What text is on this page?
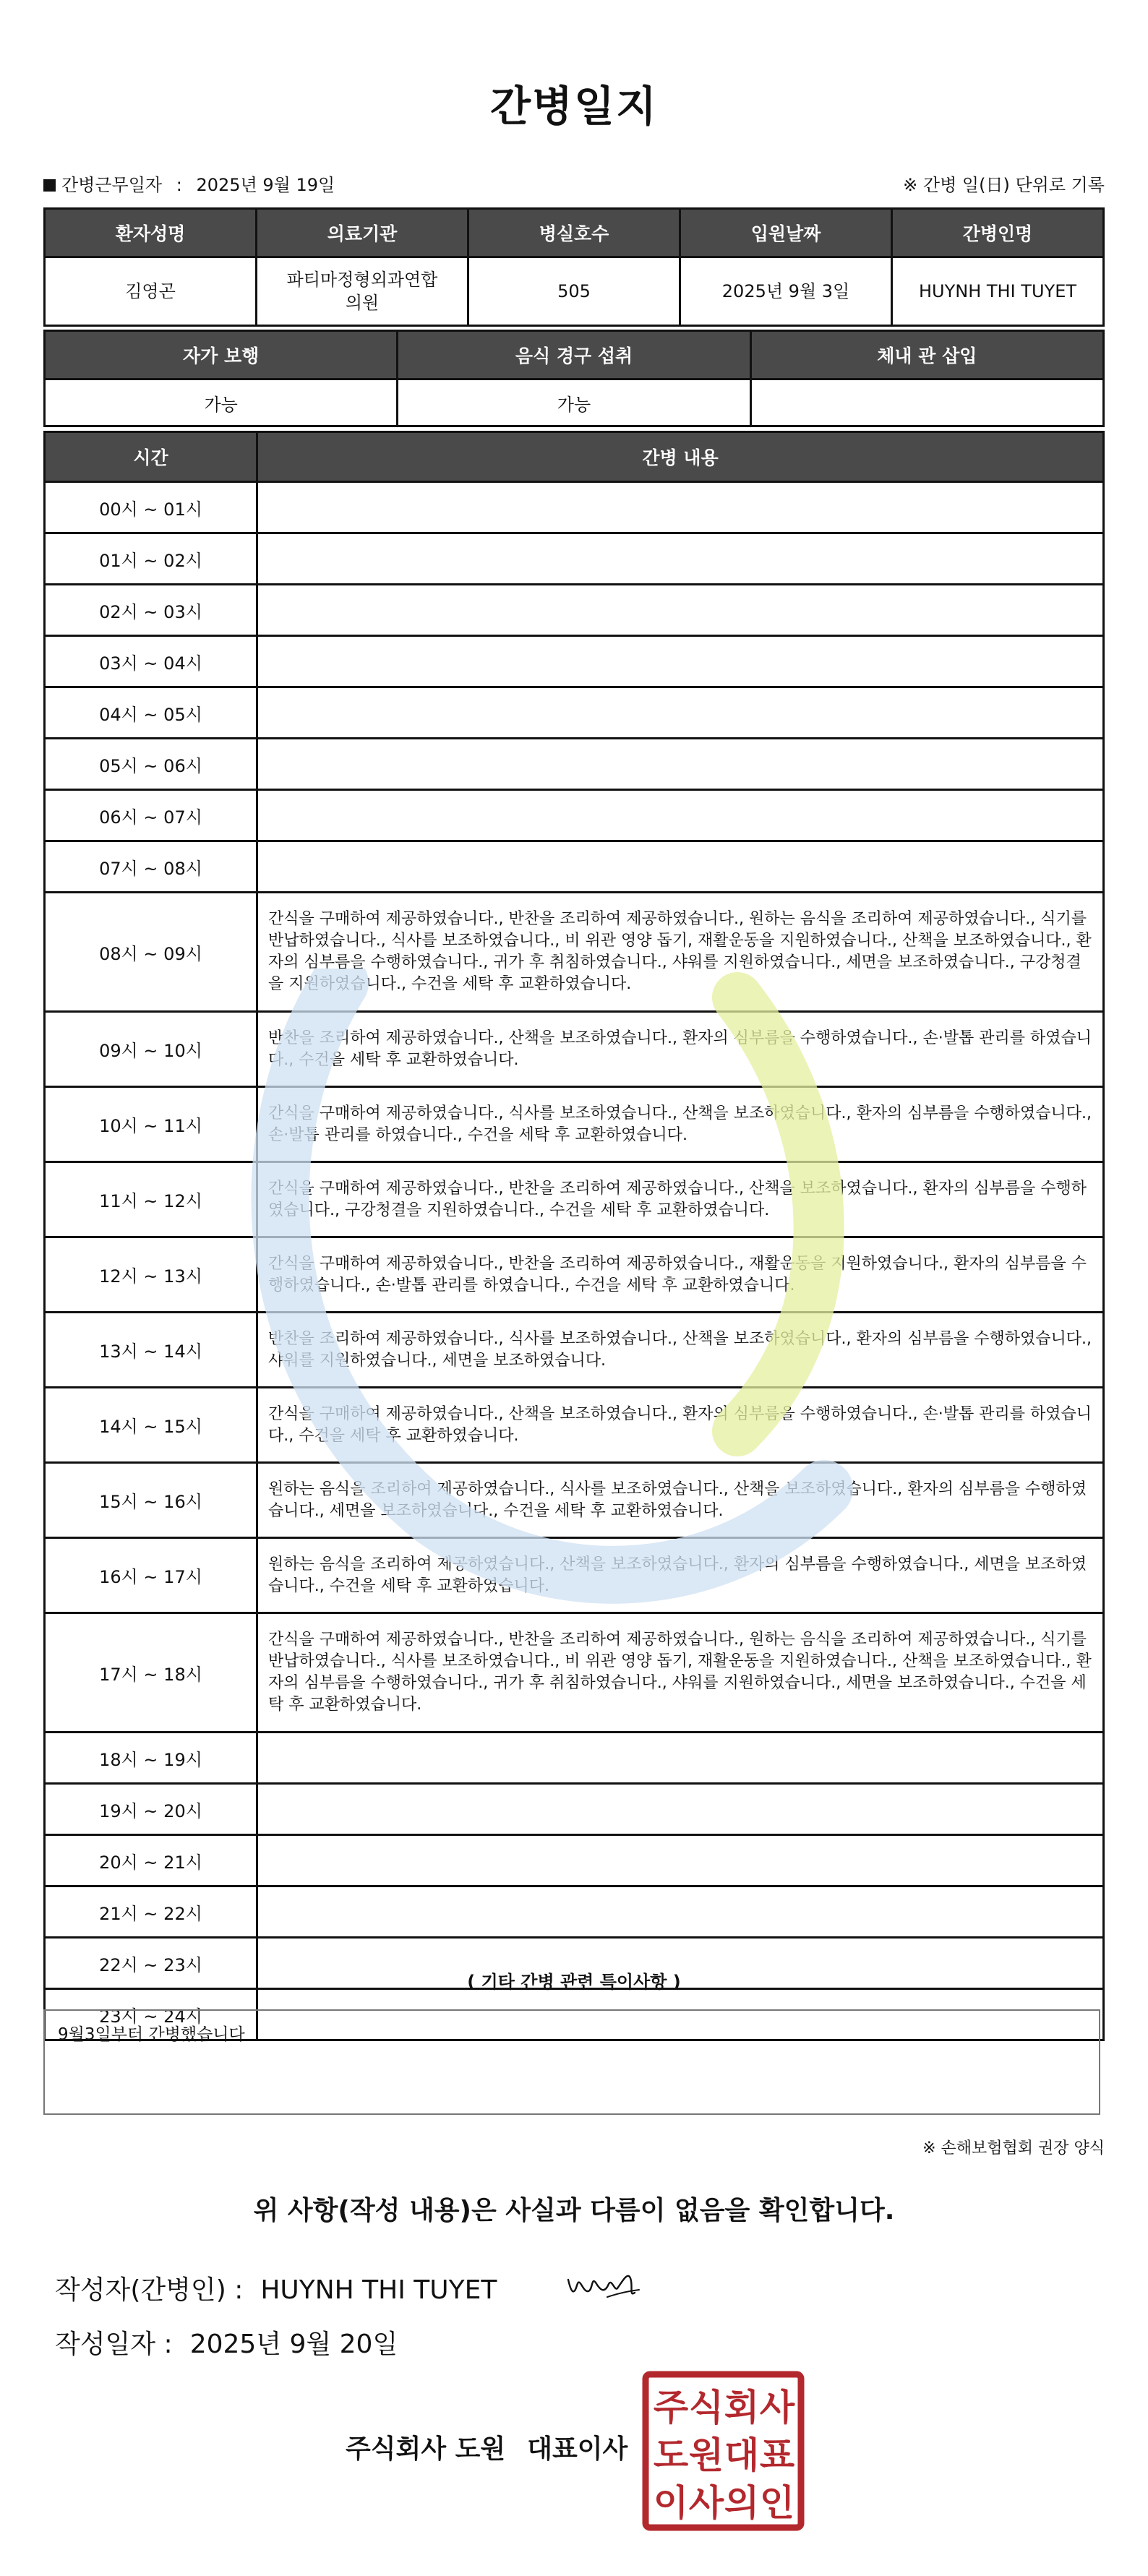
간병일지
간병근무일자 : 2025년 9월 19일	※ 간병 일(日) 단위로 기록
환자성명	의료기관	병실호수	입원날짜	간병인명
김영곤	파티마정형외과연합의원	505	2025년 9월 3일	HUYNH THI TUYET
자가 보행	음식 경구 섭취	체내 관 삽입
가능	가능	
시간	간병 내용
00시 ~ 01시	
01시 ~ 02시	
02시 ~ 03시	
03시 ~ 04시	
04시 ~ 05시	
05시 ~ 06시	
06시 ~ 07시	
07시 ~ 08시	
08시 ~ 09시	간식을 구매하여 제공하였습니다., 반찬을 조리하여 제공하였습니다., 원하는 음식을 조리하여 제공하였습니다., 식기를 반납하였습니다., 식사를 보조하였습니다., 비 위관 영양 돕기, 재활운동을 지원하였습니다., 산책을 보조하였습니다., 환자의 심부름을 수행하였습니다., 귀가 후 취침하였습니다., 샤워를 지원하였습니다., 세면을 보조하였습니다., 구강청결을 지원하였습니다., 수건을 세탁 후 교환하였습니다.
09시 ~ 10시	반찬을 조리하여 제공하였습니다., 산책을 보조하였습니다., 환자의 심부름을 수행하였습니다., 손·발톱 관리를 하였습니다., 수건을 세탁 후 교환하였습니다.
10시 ~ 11시	간식을 구매하여 제공하였습니다., 식사를 보조하였습니다., 산책을 보조하였습니다., 환자의 심부름을 수행하였습니다., 손·발톱 관리를 하였습니다., 수건을 세탁 후 교환하였습니다.
11시 ~ 12시	간식을 구매하여 제공하였습니다., 반찬을 조리하여 제공하였습니다., 산책을 보조하였습니다., 환자의 심부름을 수행하였습니다., 구강청결을 지원하였습니다., 수건을 세탁 후 교환하였습니다.
12시 ~ 13시	간식을 구매하여 제공하였습니다., 반찬을 조리하여 제공하였습니다., 재활운동을 지원하였습니다., 환자의 심부름을 수행하였습니다., 손·발톱 관리를 하였습니다., 수건을 세탁 후 교환하였습니다.
13시 ~ 14시	반찬을 조리하여 제공하였습니다., 식사를 보조하였습니다., 산책을 보조하였습니다., 환자의 심부름을 수행하였습니다., 샤워를 지원하였습니다., 세면을 보조하였습니다.
14시 ~ 15시	간식을 구매하여 제공하였습니다., 산책을 보조하였습니다., 환자의 심부름을 수행하였습니다., 손·발톱 관리를 하였습니다., 수건을 세탁 후 교환하였습니다.
15시 ~ 16시	원하는 음식을 조리하여 제공하였습니다., 식사를 보조하였습니다., 산책을 보조하였습니다., 환자의 심부름을 수행하였습니다., 세면을 보조하였습니다., 수건을 세탁 후 교환하였습니다.
16시 ~ 17시	원하는 음식을 조리하여 제공하였습니다., 산책을 보조하였습니다., 환자의 심부름을 수행하였습니다., 세면을 보조하였습니다., 수건을 세탁 후 교환하였습니다.
17시 ~ 18시	간식을 구매하여 제공하였습니다., 반찬을 조리하여 제공하였습니다., 원하는 음식을 조리하여 제공하였습니다., 식기를 반납하였습니다., 식사를 보조하였습니다., 비 위관 영양 돕기, 재활운동을 지원하였습니다., 산책을 보조하였습니다., 환자의 심부름을 수행하였습니다., 귀가 후 취침하였습니다., 샤워를 지원하였습니다., 세면을 보조하였습니다., 수건을 세탁 후 교환하였습니다.
18시 ~ 19시	
19시 ~ 20시	
20시 ~ 21시	
21시 ~ 22시	
22시 ~ 23시	
23시 ~ 24시	
( 기타 간병 관련 특이사항 )
9월3일부터 간병했습니다
※ 손해보험협회 권장 양식
위 사항(작성 내용)은 사실과 다름이 없음을 확인합니다.
작성자(간병인) : HUYNH THI TUYET
작성일자 : 2025년 9월 20일
주식회사 도원 대표이사
주 식 회 사
도 원 대 표
이 사 의 인
